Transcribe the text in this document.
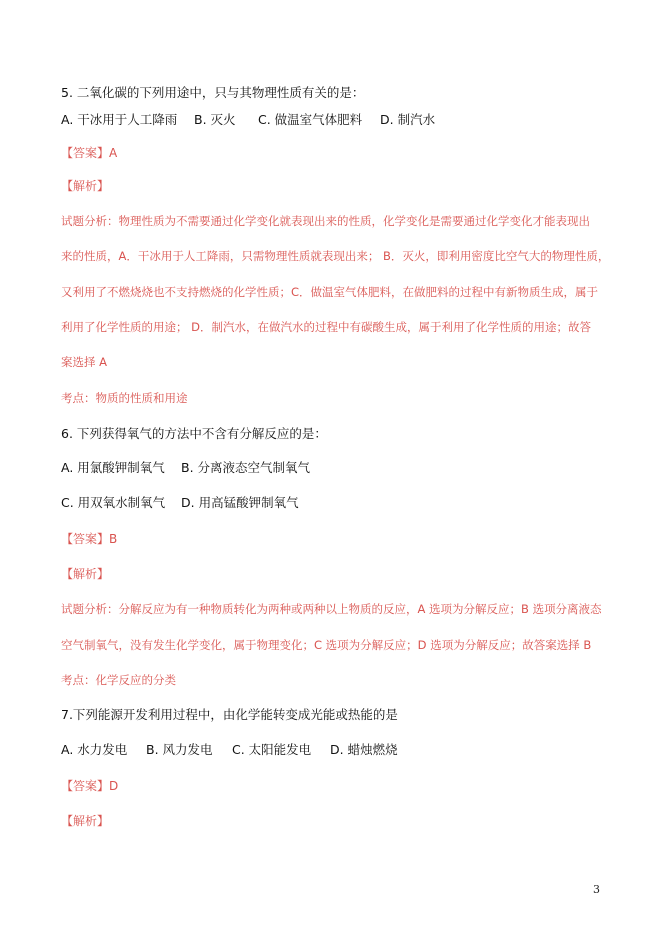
5. 二氧化碳的下列用途中，只与其物理性质有关的是：
A. 干冰用于人工降雨 B. 灭火 C. 做温室气体肥料 D. 制汽水
【答案】A
【解析】
试题分析：物理性质为不需要通过化学变化就表现出来的性质，化学变化是需要通过化学变化才能表现出
来的性质，A．干冰用于人工降雨，只需物理性质就表现出来； B．灭火，即利用密度比空气大的物理性质，
又利用了不燃烧烧也不支持燃烧的化学性质；C．做温室气体肥料，在做肥料的过程中有新物质生成，属于
利用了化学性质的用途； D．制汽水，在做汽水的过程中有碳酸生成，属于利用了化学性质的用途；故答
案选择 A
考点：物质的性质和用途
6. 下列获得氧气的方法中不含有分解反应的是：
A. 用氯酸钾制氧气 B. 分离液态空气制氧气
C. 用双氧水制氧气 D. 用高锰酸钾制氧气
【答案】B
【解析】
试题分析：分解反应为有一种物质转化为两种或两种以上物质的反应，A 选项为分解反应；B 选项分离液态
空气制氧气，没有发生化学变化，属于物理变化；C 选项为分解反应；D 选项为分解反应；故答案选择 B
考点：化学反应的分类
7.下列能源开发利用过程中，由化学能转变成光能或热能的是
A. 水力发电 B. 风力发电 C. 太阳能发电 D. 蜡烛燃烧
【答案】D
【解析】
3
